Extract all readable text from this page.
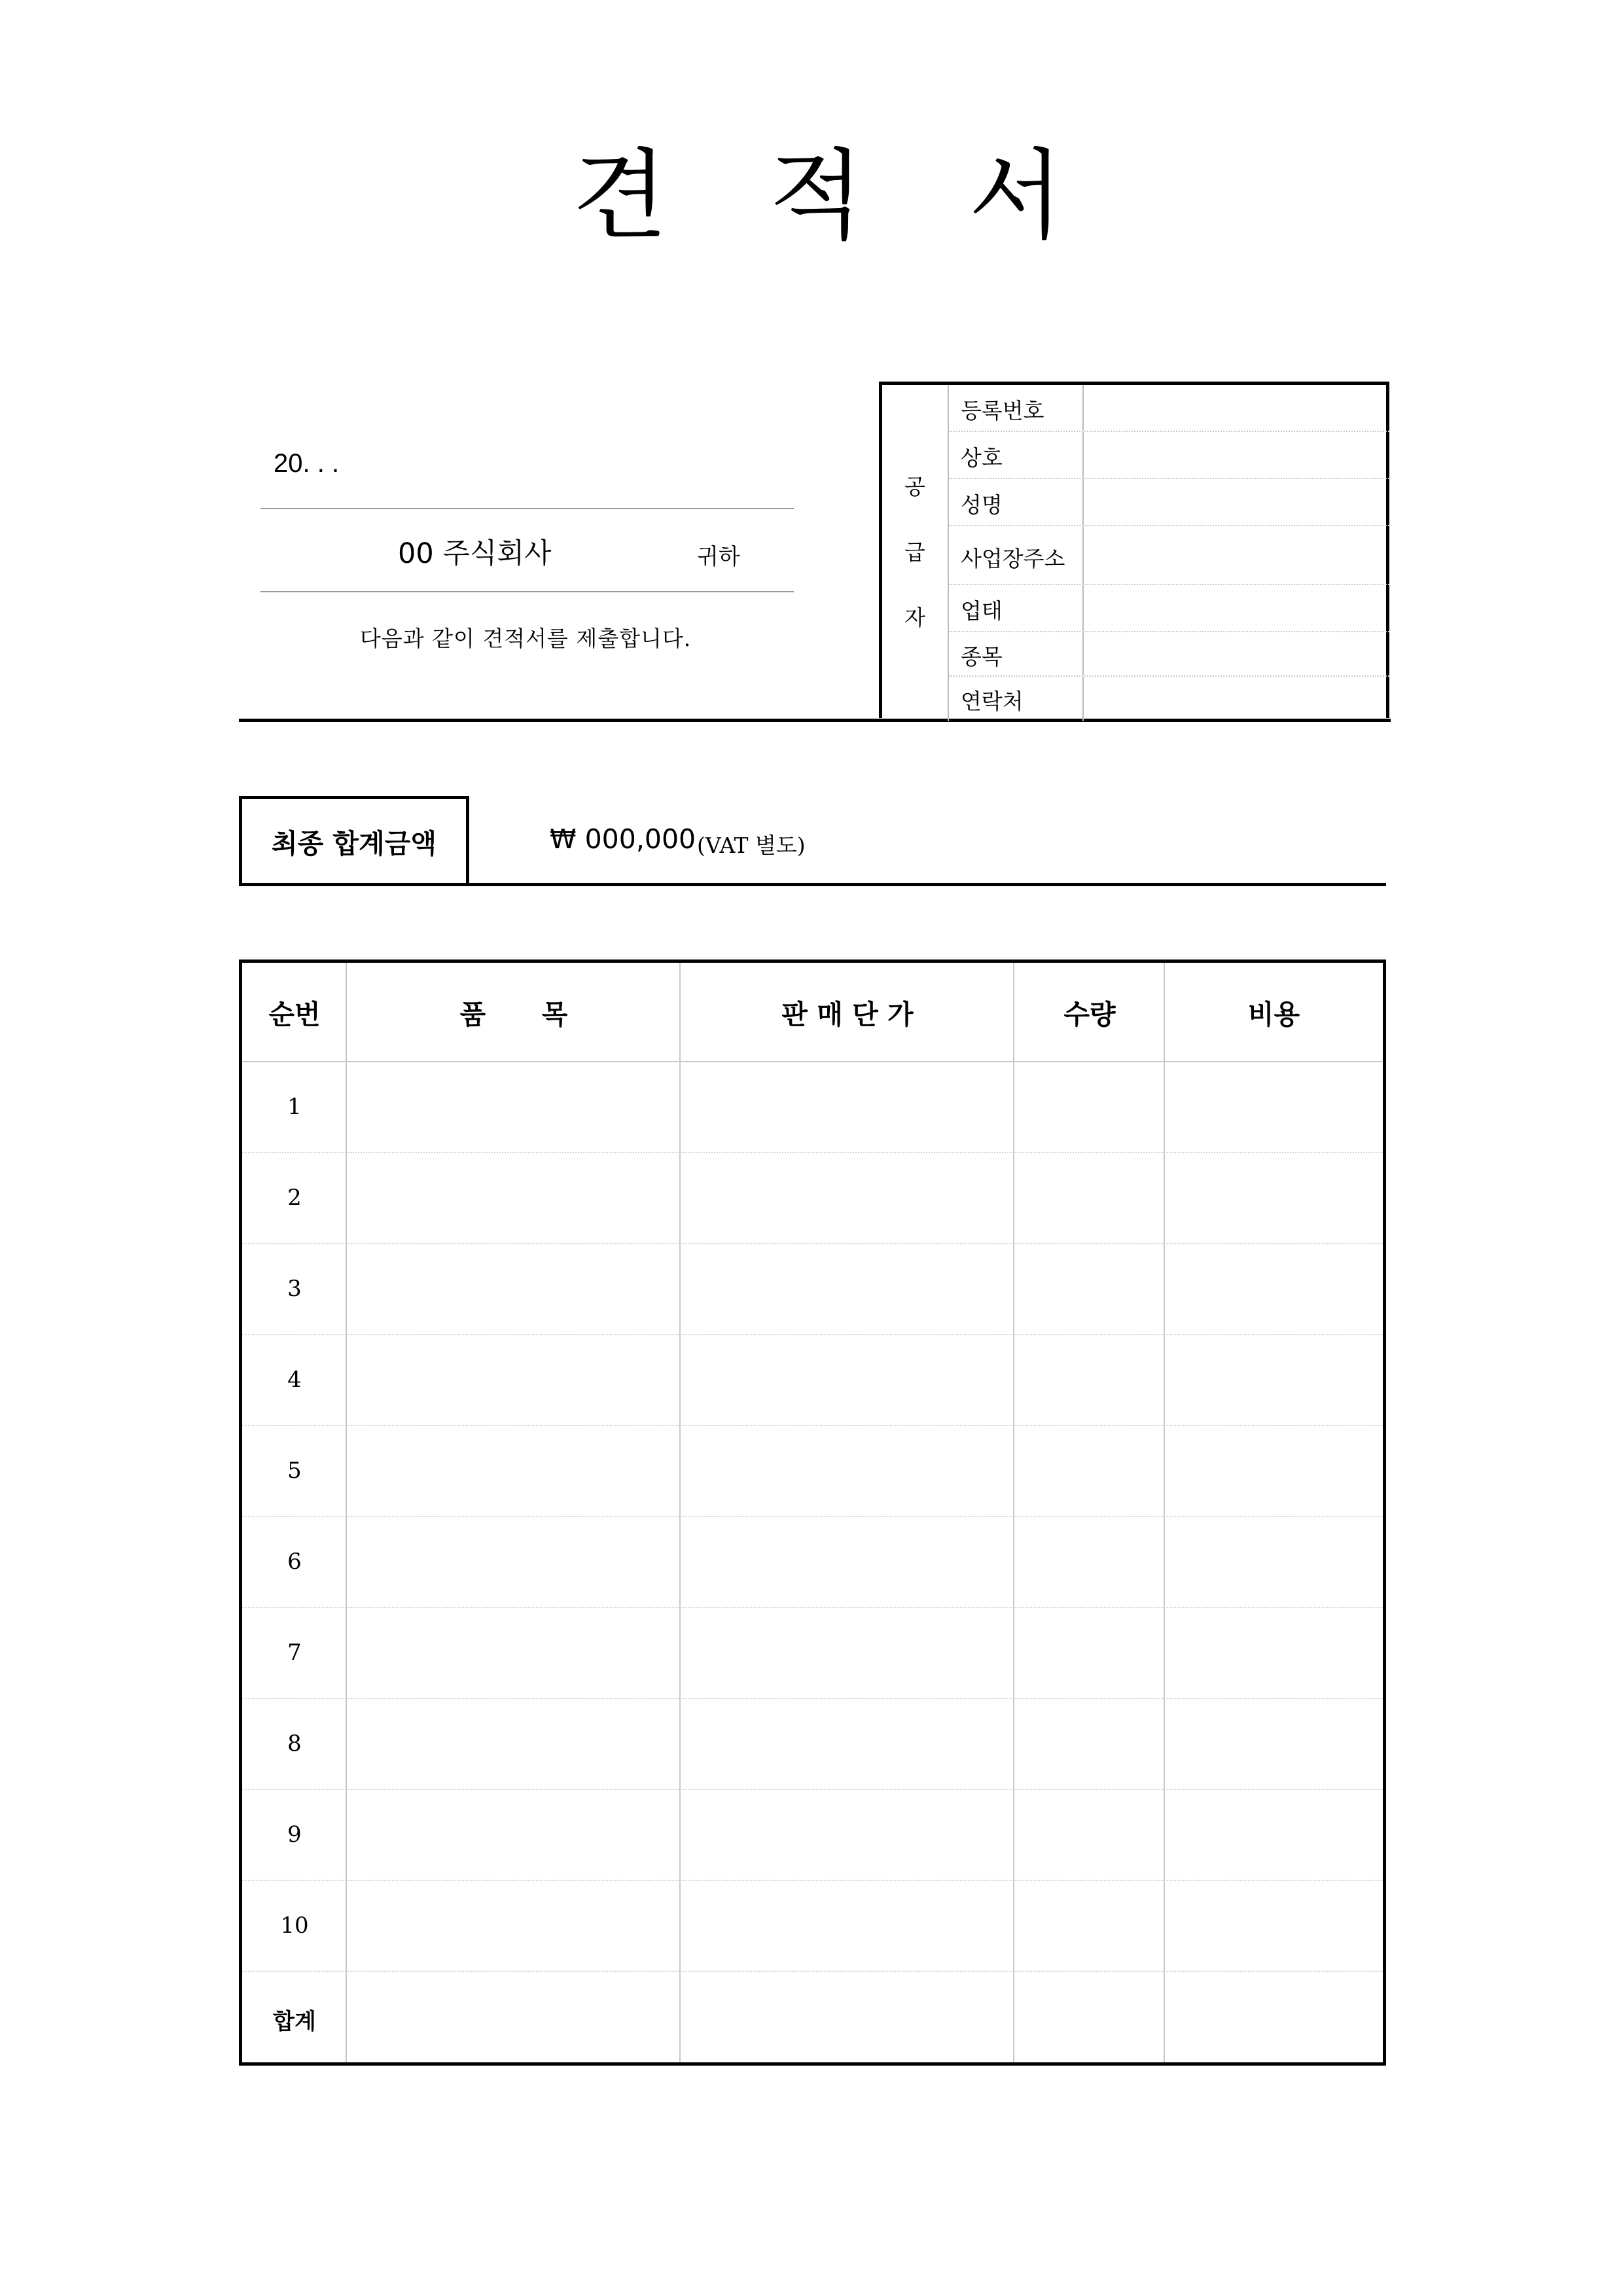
견 적 서
20. . .
00 주식회사	귀하
다음과 같이 견적서를 제출합니다.
공
급
자
등록번호
상호
성명
사업장주소
업태
종목
연락처
최종 합계금액	₩ 000,000 (VAT 별도)
순번	품      목	판 매 단 가	수량	비용
1
2
3
4
5
6
7
8
9
10
합계
